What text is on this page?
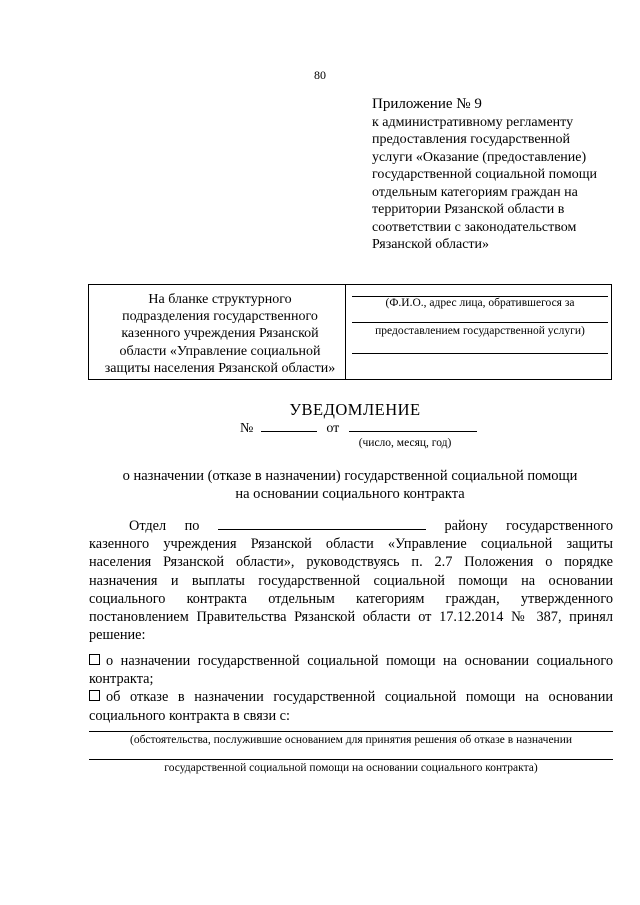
80
Приложение № 9
к административному регламенту
предоставления государственной
услуги «Оказание (предоставление)
государственной социальной помощи
отдельным категориям граждан на
территории Рязанской области в
соответствии с законодательством
Рязанской области»
На бланке структурного
подразделения государственного
казенного учреждения Рязанской
области «Управление социальной
защиты населения Рязанской области»
(Ф.И.О., адрес лица, обратившегося за
предоставлением государственной услуги)
УВЕДОМЛЕНИЕ
№	от
(число, месяц, год)
о назначении (отказе в назначении) государственной социальной помощи
на основании социального контракта
Отдел по	району государственного
казенного учреждения Рязанской области «Управление социальной защиты населения Рязанской области», руководствуясь п. 2.7 Положения о порядке назначения и выплаты государственной социальной помощи на основании социального контракта отдельным категориям граждан, утвержденного постановлением Правительства Рязанской области от 17.12.2014 № 387, принял решение:
о назначении государственной социальной помощи на основании социального контракта;
об отказе в назначении государственной социальной помощи на основании социального контракта в связи с:
(обстоятельства, послужившие основанием для принятия решения об отказе в назначении
государственной социальной помощи на основании социального контракта)
